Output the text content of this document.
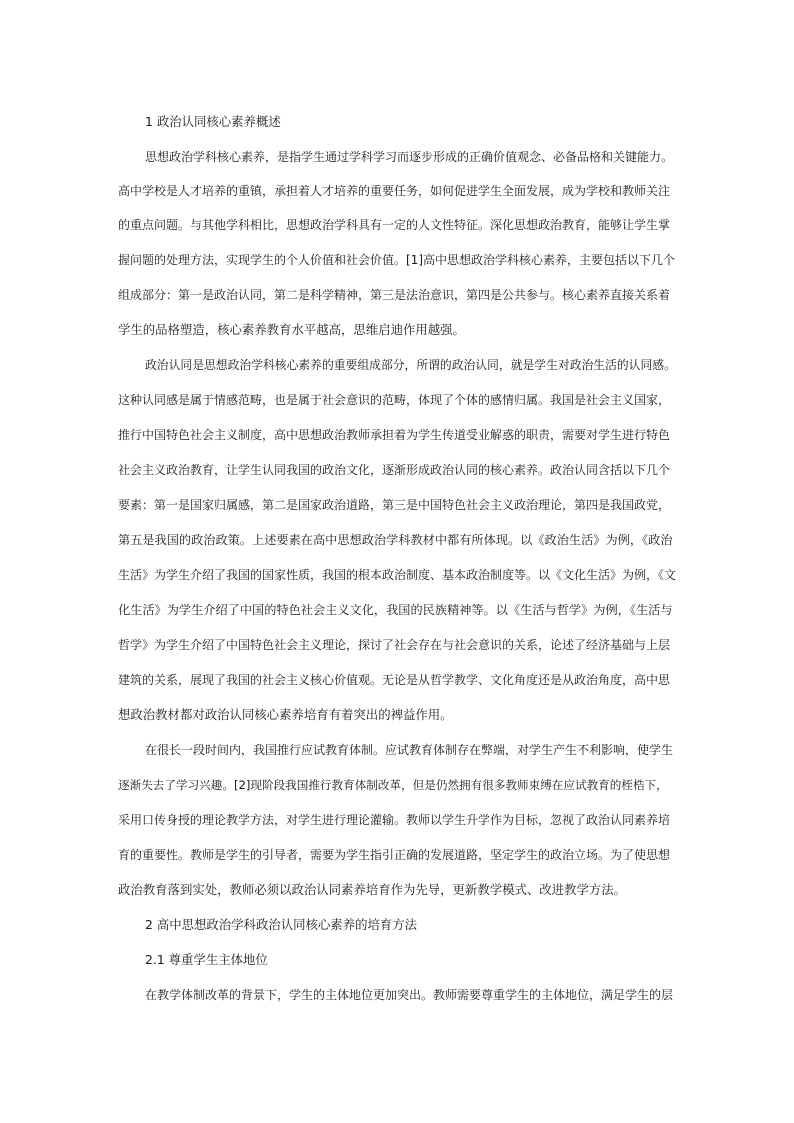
1 政治认同核心素养概述
思想政治学科核心素养，是指学生通过学科学习而逐步形成的正确价值观念、必备品格和关键能力。
高中学校是人才培养的重镇，承担着人才培养的重要任务，如何促进学生全面发展，成为学校和教师关注
的重点问题。与其他学科相比，思想政治学科具有一定的人文性特征。深化思想政治教育，能够让学生掌
握问题的处理方法，实现学生的个人价值和社会价值。[1]高中思想政治学科核心素养，主要包括以下几个
组成部分：第一是政治认同，第二是科学精神，第三是法治意识，第四是公共参与。核心素养直接关系着
学生的品格塑造，核心素养教育水平越高，思维启迪作用越强。
政治认同是思想政治学科核心素养的重要组成部分，所谓的政治认同，就是学生对政治生活的认同感。
这种认同感是属于情感范畴，也是属于社会意识的范畴，体现了个体的感情归属。我国是社会主义国家，
推行中国特色社会主义制度，高中思想政治教师承担着为学生传道受业解惑的职责，需要对学生进行特色
社会主义政治教育，让学生认同我国的政治文化，逐渐形成政治认同的核心素养。政治认同含括以下几个
要素：第一是国家归属感，第二是国家政治道路，第三是中国特色社会主义政治理论，第四是我国政党，
第五是我国的政治政策。上述要素在高中思想政治学科教材中都有所体现。以《政治生活》为例，《政治
生活》为学生介绍了我国的国家性质，我国的根本政治制度、基本政治制度等。以《文化生活》为例，《文
化生活》为学生介绍了中国的特色社会主义文化，我国的民族精神等。以《生活与哲学》为例，《生活与
哲学》为学生介绍了中国特色社会主义理论，探讨了社会存在与社会意识的关系，论述了经济基础与上层
建筑的关系，展现了我国的社会主义核心价值观。无论是从哲学教学、文化角度还是从政治角度，高中思
想政治教材都对政治认同核心素养培育有着突出的裨益作用。
在很长一段时间内，我国推行应试教育体制。应试教育体制存在弊端，对学生产生不利影响，使学生
逐渐失去了学习兴趣。[2]现阶段我国推行教育体制改革，但是仍然拥有很多教师束缚在应试教育的桎梏下，
采用口传身授的理论教学方法，对学生进行理论灌输。教师以学生升学作为目标，忽视了政治认同素养培
育的重要性。教师是学生的引导者，需要为学生指引正确的发展道路，坚定学生的政治立场。为了使思想
政治教育落到实处，教师必须以政治认同素养培育作为先导，更新教学模式、改进教学方法。
2 高中思想政治学科政治认同核心素养的培育方法
2.1 尊重学生主体地位
在教学体制改革的背景下，学生的主体地位更加突出。教师需要尊重学生的主体地位，满足学生的层
